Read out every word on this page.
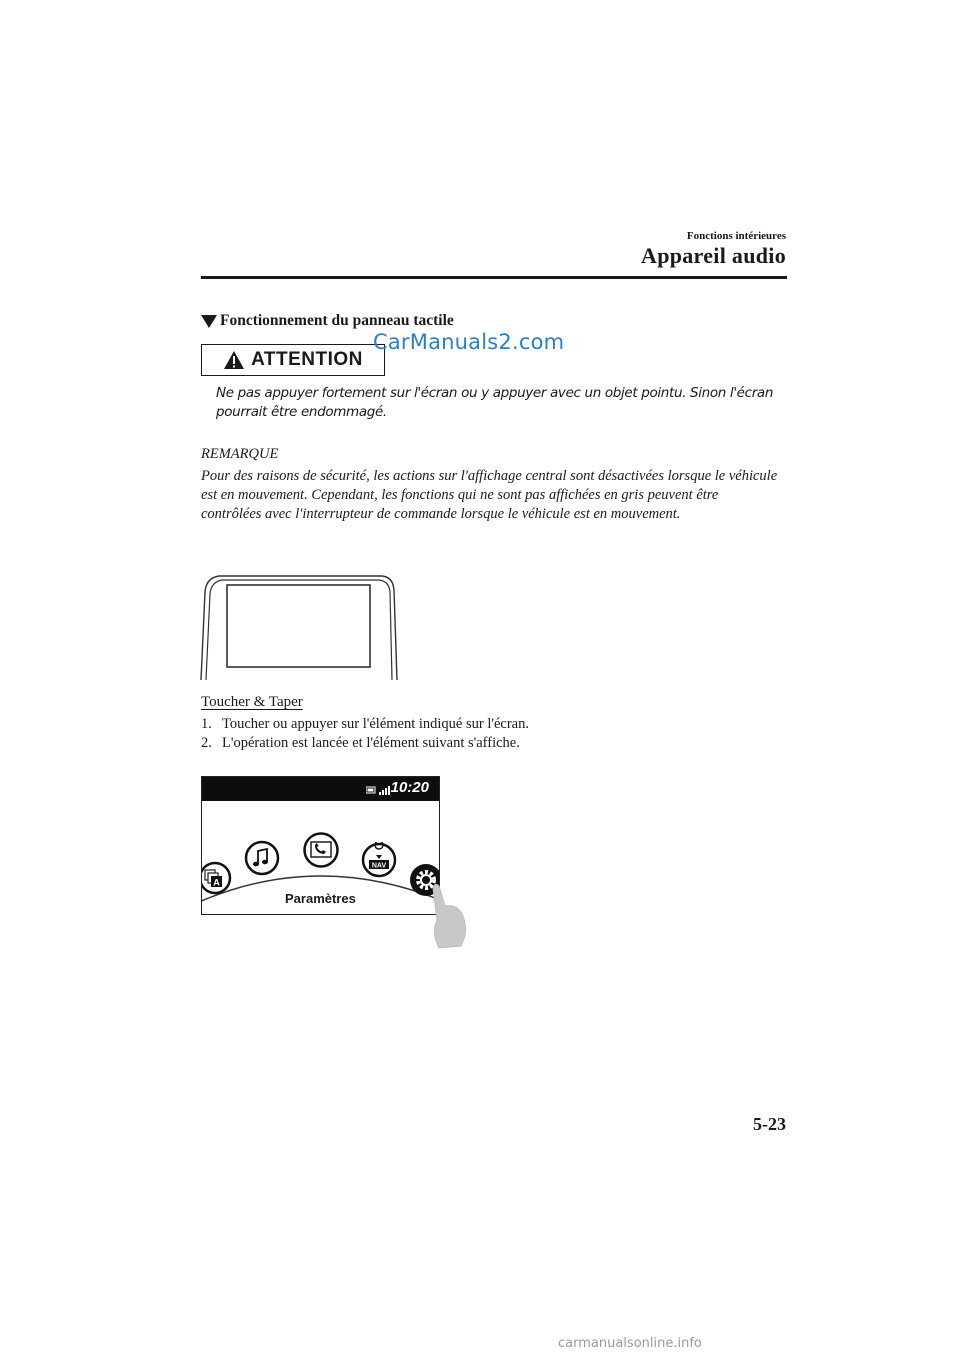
Fonctions intérieures
Appareil audio
Fonctionnement du panneau tactile
ATTENTION
CarManuals2.com
Ne pas appuyer fortement sur l'écran ou y appuyer avec un objet pointu. Sinon l'écran pourrait être endommagé.
REMARQUE
Pour des raisons de sécurité, les actions sur l'affichage central sont désactivées lorsque le véhicule est en mouvement. Cependant, les fonctions qui ne sont pas affichées en gris peuvent être contrôlées avec l'interrupteur de commande lorsque le véhicule est en mouvement.
Toucher & Taper
1. Toucher ou appuyer sur l'élément indiqué sur l'écran.
2. L'opération est lancée et l'élément suivant s'affiche.
10:20
A
NAV
Paramètres
5-23
carmanualsonline.info
